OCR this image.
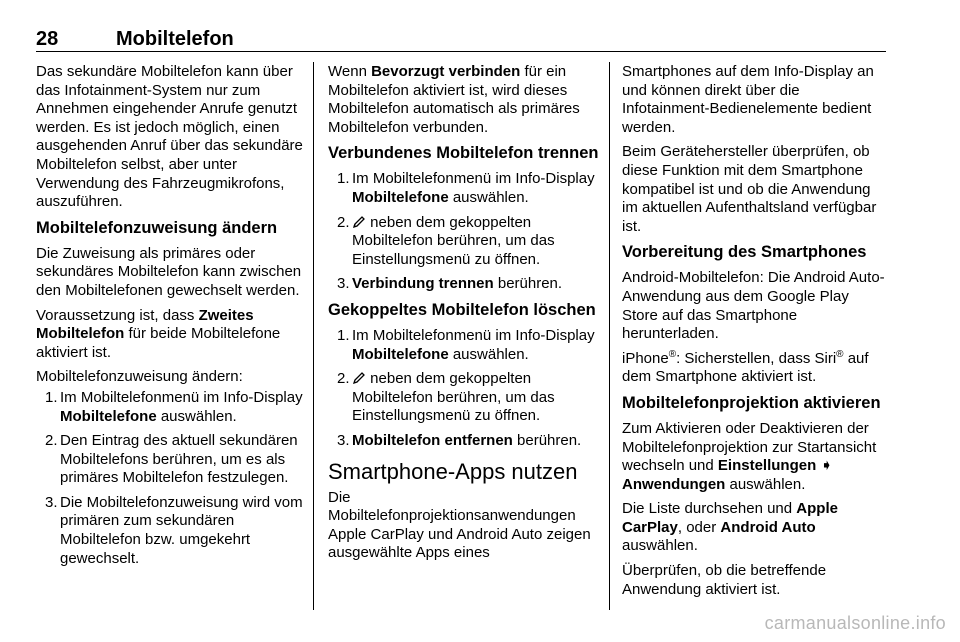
28	Mobiltelefon

Das sekundäre Mobiltelefon kann über das Infotainment-System nur zum Annehmen eingehender Anrufe genutzt werden. Es ist jedoch möglich, einen ausgehenden Anruf über das sekundäre Mobiltelefon selbst, aber unter Verwendung des Fahrzeugmikrofons, auszuführen.

Mobiltelefonzuweisung ändern

Die Zuweisung als primäres oder sekundäres Mobiltelefon kann zwischen den Mobiltelefonen gewechselt werden.

Voraussetzung ist, dass Zweites Mobiltelefon für beide Mobiltelefone aktiviert ist.

Mobiltelefonzuweisung ändern:

1. Im Mobiltelefonmenü im Info-Display Mobiltelefone auswählen.
2. Den Eintrag des aktuell sekundären Mobiltelefons berühren, um es als primäres Mobiltelefon festzulegen.
3. Die Mobiltelefonzuweisung wird vom primären zum sekundären Mobiltelefon bzw. umgekehrt gewechselt.

Wenn Bevorzugt verbinden für ein Mobiltelefon aktiviert ist, wird dieses Mobiltelefon automatisch als primäres Mobiltelefon verbunden.

Verbundenes Mobiltelefon trennen
1. Im Mobiltelefonmenü im Info-Display Mobiltelefone auswählen.
2. neben dem gekoppelten Mobiltelefon berühren, um das Einstellungsmenü zu öffnen.
3. Verbindung trennen berühren.
Gekoppeltes Mobiltelefon löschen
1. Im Mobiltelefonmenü im Info-Display Mobiltelefone auswählen.
2. neben dem gekoppelten Mobiltelefon berühren, um das Einstellungsmenü zu öffnen.
3. Mobiltelefon entfernen berühren.
Smartphone-Apps nutzen

Die Mobiltelefonprojektionsanwendungen Apple CarPlay und Android Auto zeigen ausgewählte Apps eines

Smartphones auf dem Info-Display an und können direkt über die Infotainment-Bedienelemente bedient werden.

Beim Gerätehersteller überprüfen, ob diese Funktion mit dem Smartphone kompatibel ist und ob die Anwendung im aktuellen Aufenthaltsland verfügbar ist.

Vorbereitung des Smartphones

Android-Mobiltelefon: Die Android Auto-Anwendung aus dem Google Play Store auf das Smartphone herunterladen.

iPhone®: Sicherstellen, dass Siri® auf dem Smartphone aktiviert ist.

Mobiltelefonprojektion aktivieren

Zum Aktivieren oder Deaktivieren der Mobiltelefonprojektion zur Startansicht wechseln und Einstellungen ➧ Anwendungen auswählen.

Die Liste durchsehen und Apple CarPlay, oder Android Auto auswählen.

Überprüfen, ob die betreffende Anwendung aktiviert ist.

carmanualsonline.info
